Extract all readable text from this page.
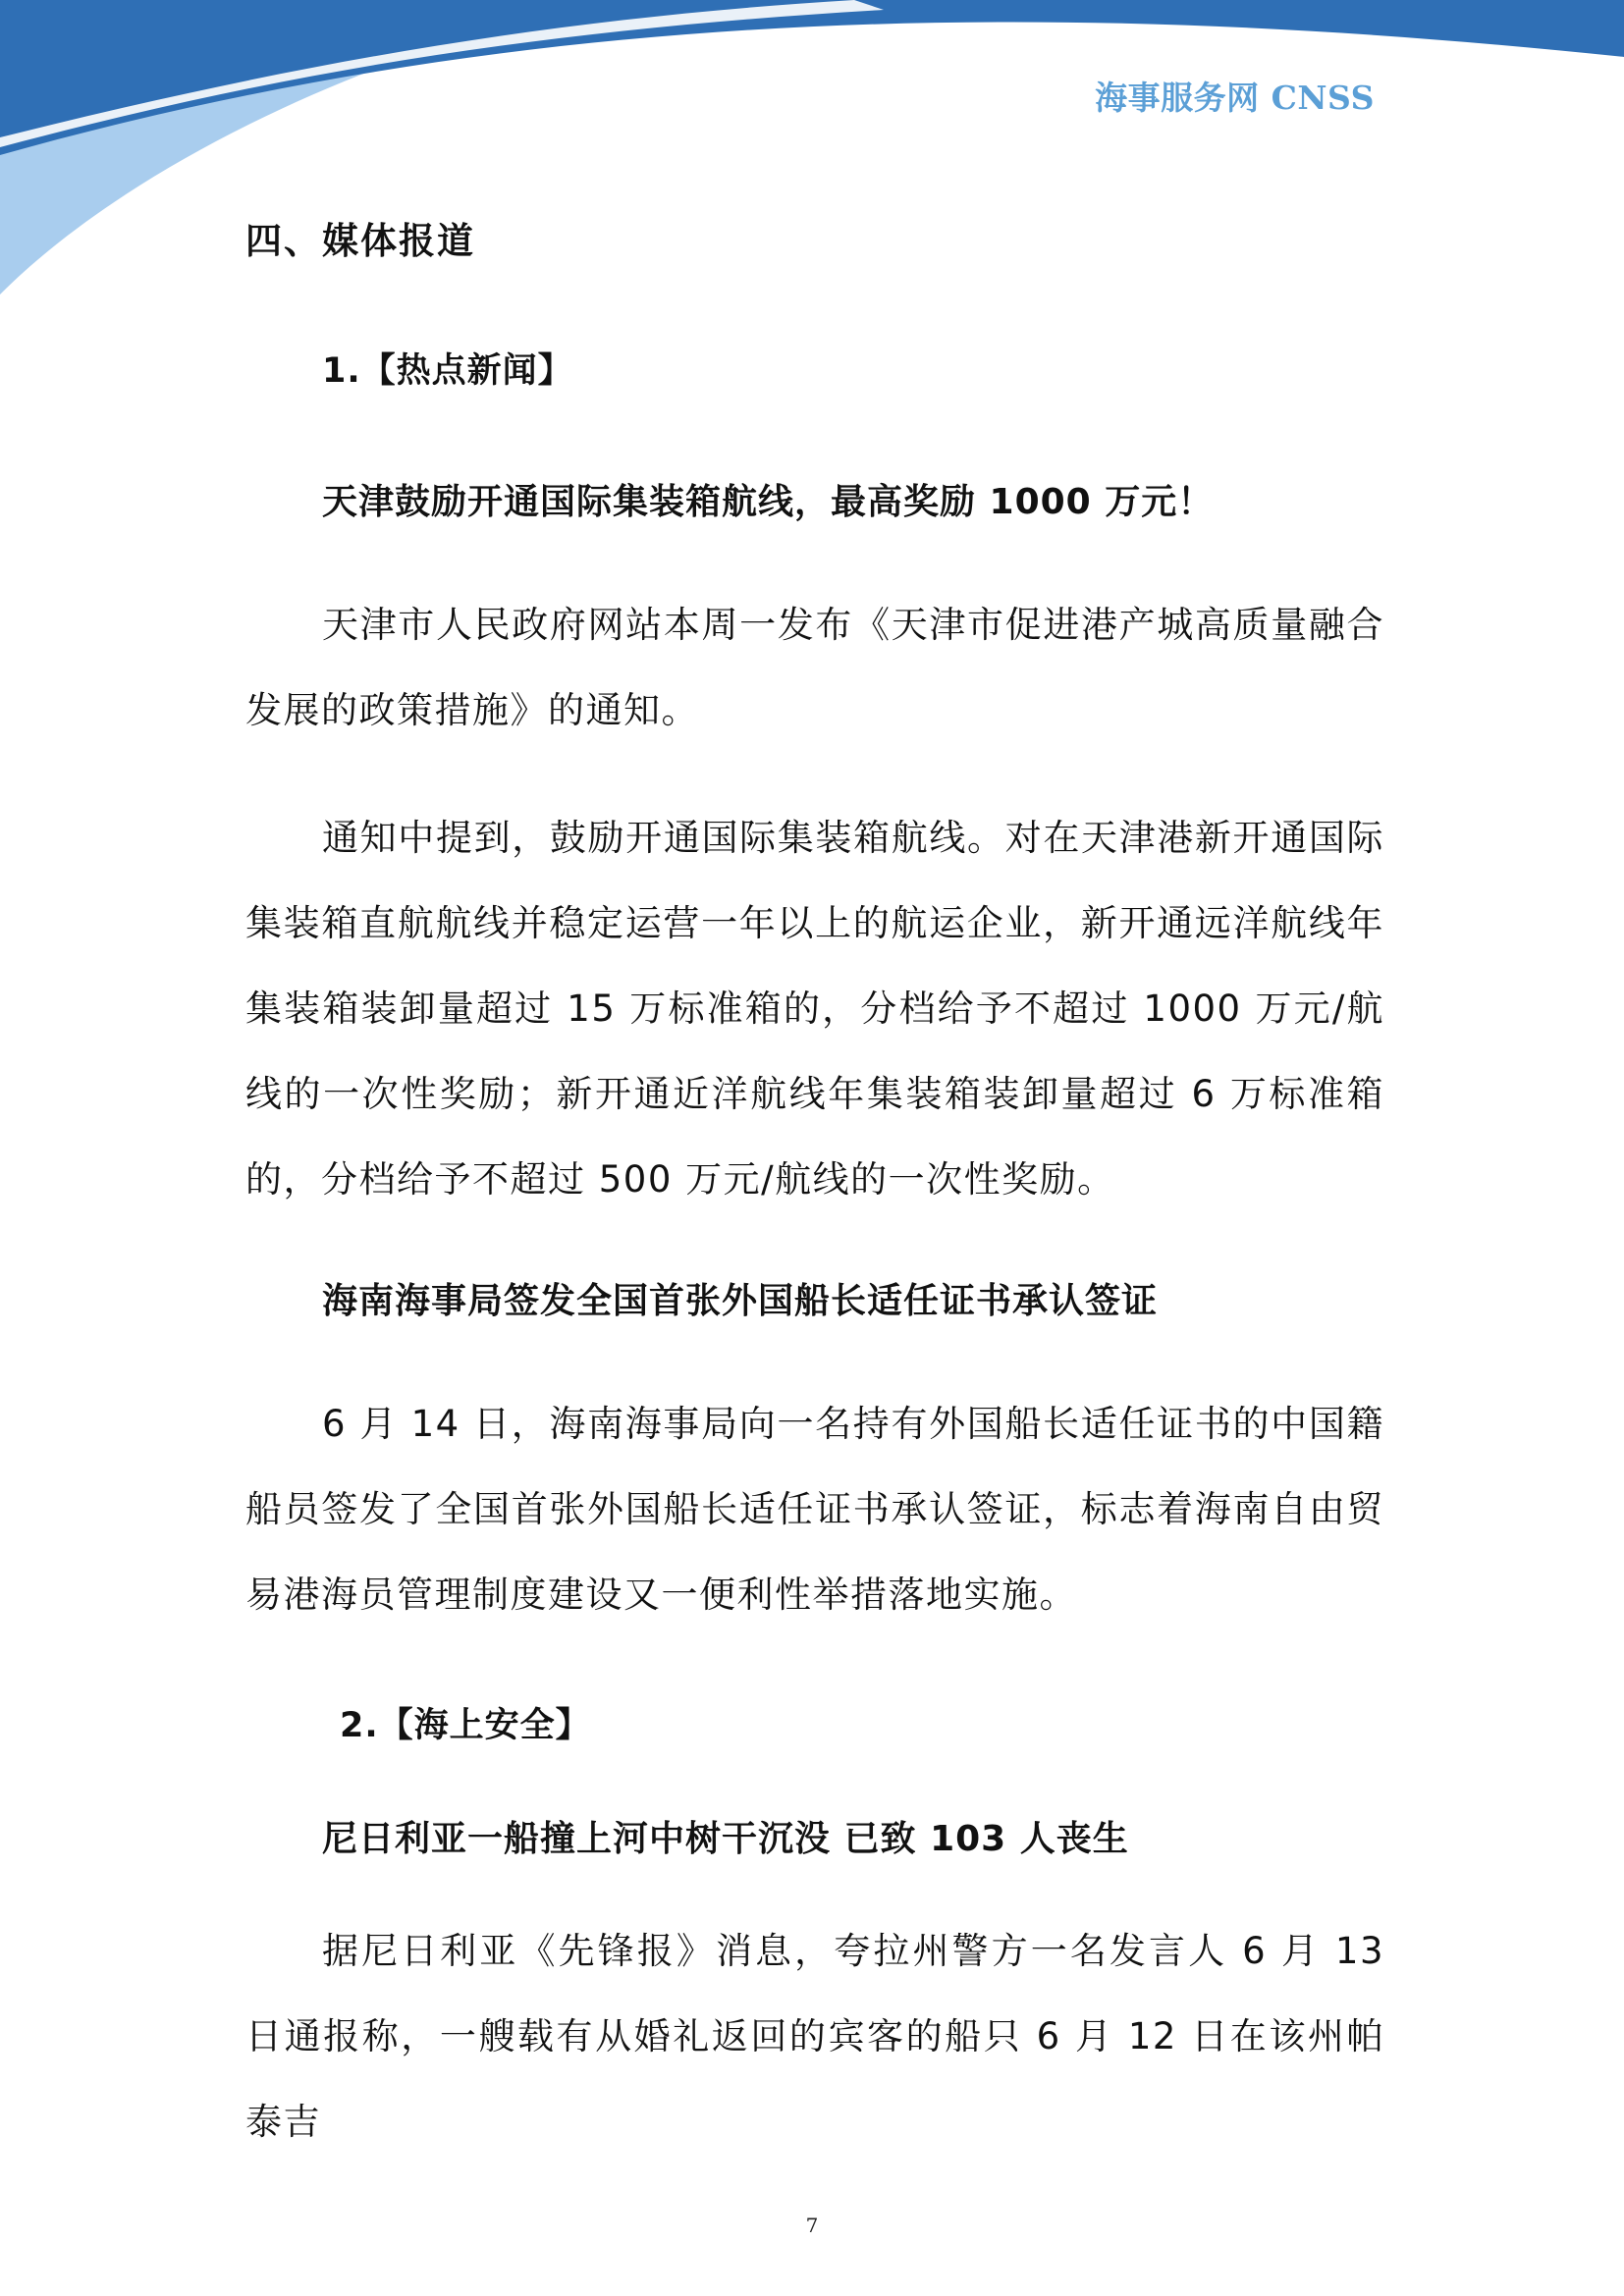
海事服务网 CNSS
四、媒体报道
1.【热点新闻】
天津鼓励开通国际集装箱航线，最高奖励 1000 万元！

天津市人民政府网站本周一发布《天津市促进港产城高质量融合发展的政策措施》的通知。

通知中提到，鼓励开通国际集装箱航线。对在天津港新开通国际集装箱直航航线并稳定运营一年以上的航运企业，新开通远洋航线年集装箱装卸量超过 15 万标准箱的，分档给予不超过 1000 万元/航线的一次性奖励；新开通近洋航线年集装箱装卸量超过 6 万标准箱的，分档给予不超过 500 万元/航线的一次性奖励。

海南海事局签发全国首张外国船长适任证书承认签证

6 月 14 日，海南海事局向一名持有外国船长适任证书的中国籍船员签发了全国首张外国船长适任证书承认签证，标志着海南自由贸易港海员管理制度建设又一便利性举措落地实施。

2.【海上安全】
尼日利亚一船撞上河中树干沉没 已致 103 人丧生

据尼日利亚《先锋报》消息，夸拉州警方一名发言人 6 月 13 日通报称，一艘载有从婚礼返回的宾客的船只 6 月 12 日在该州帕泰吉

7
